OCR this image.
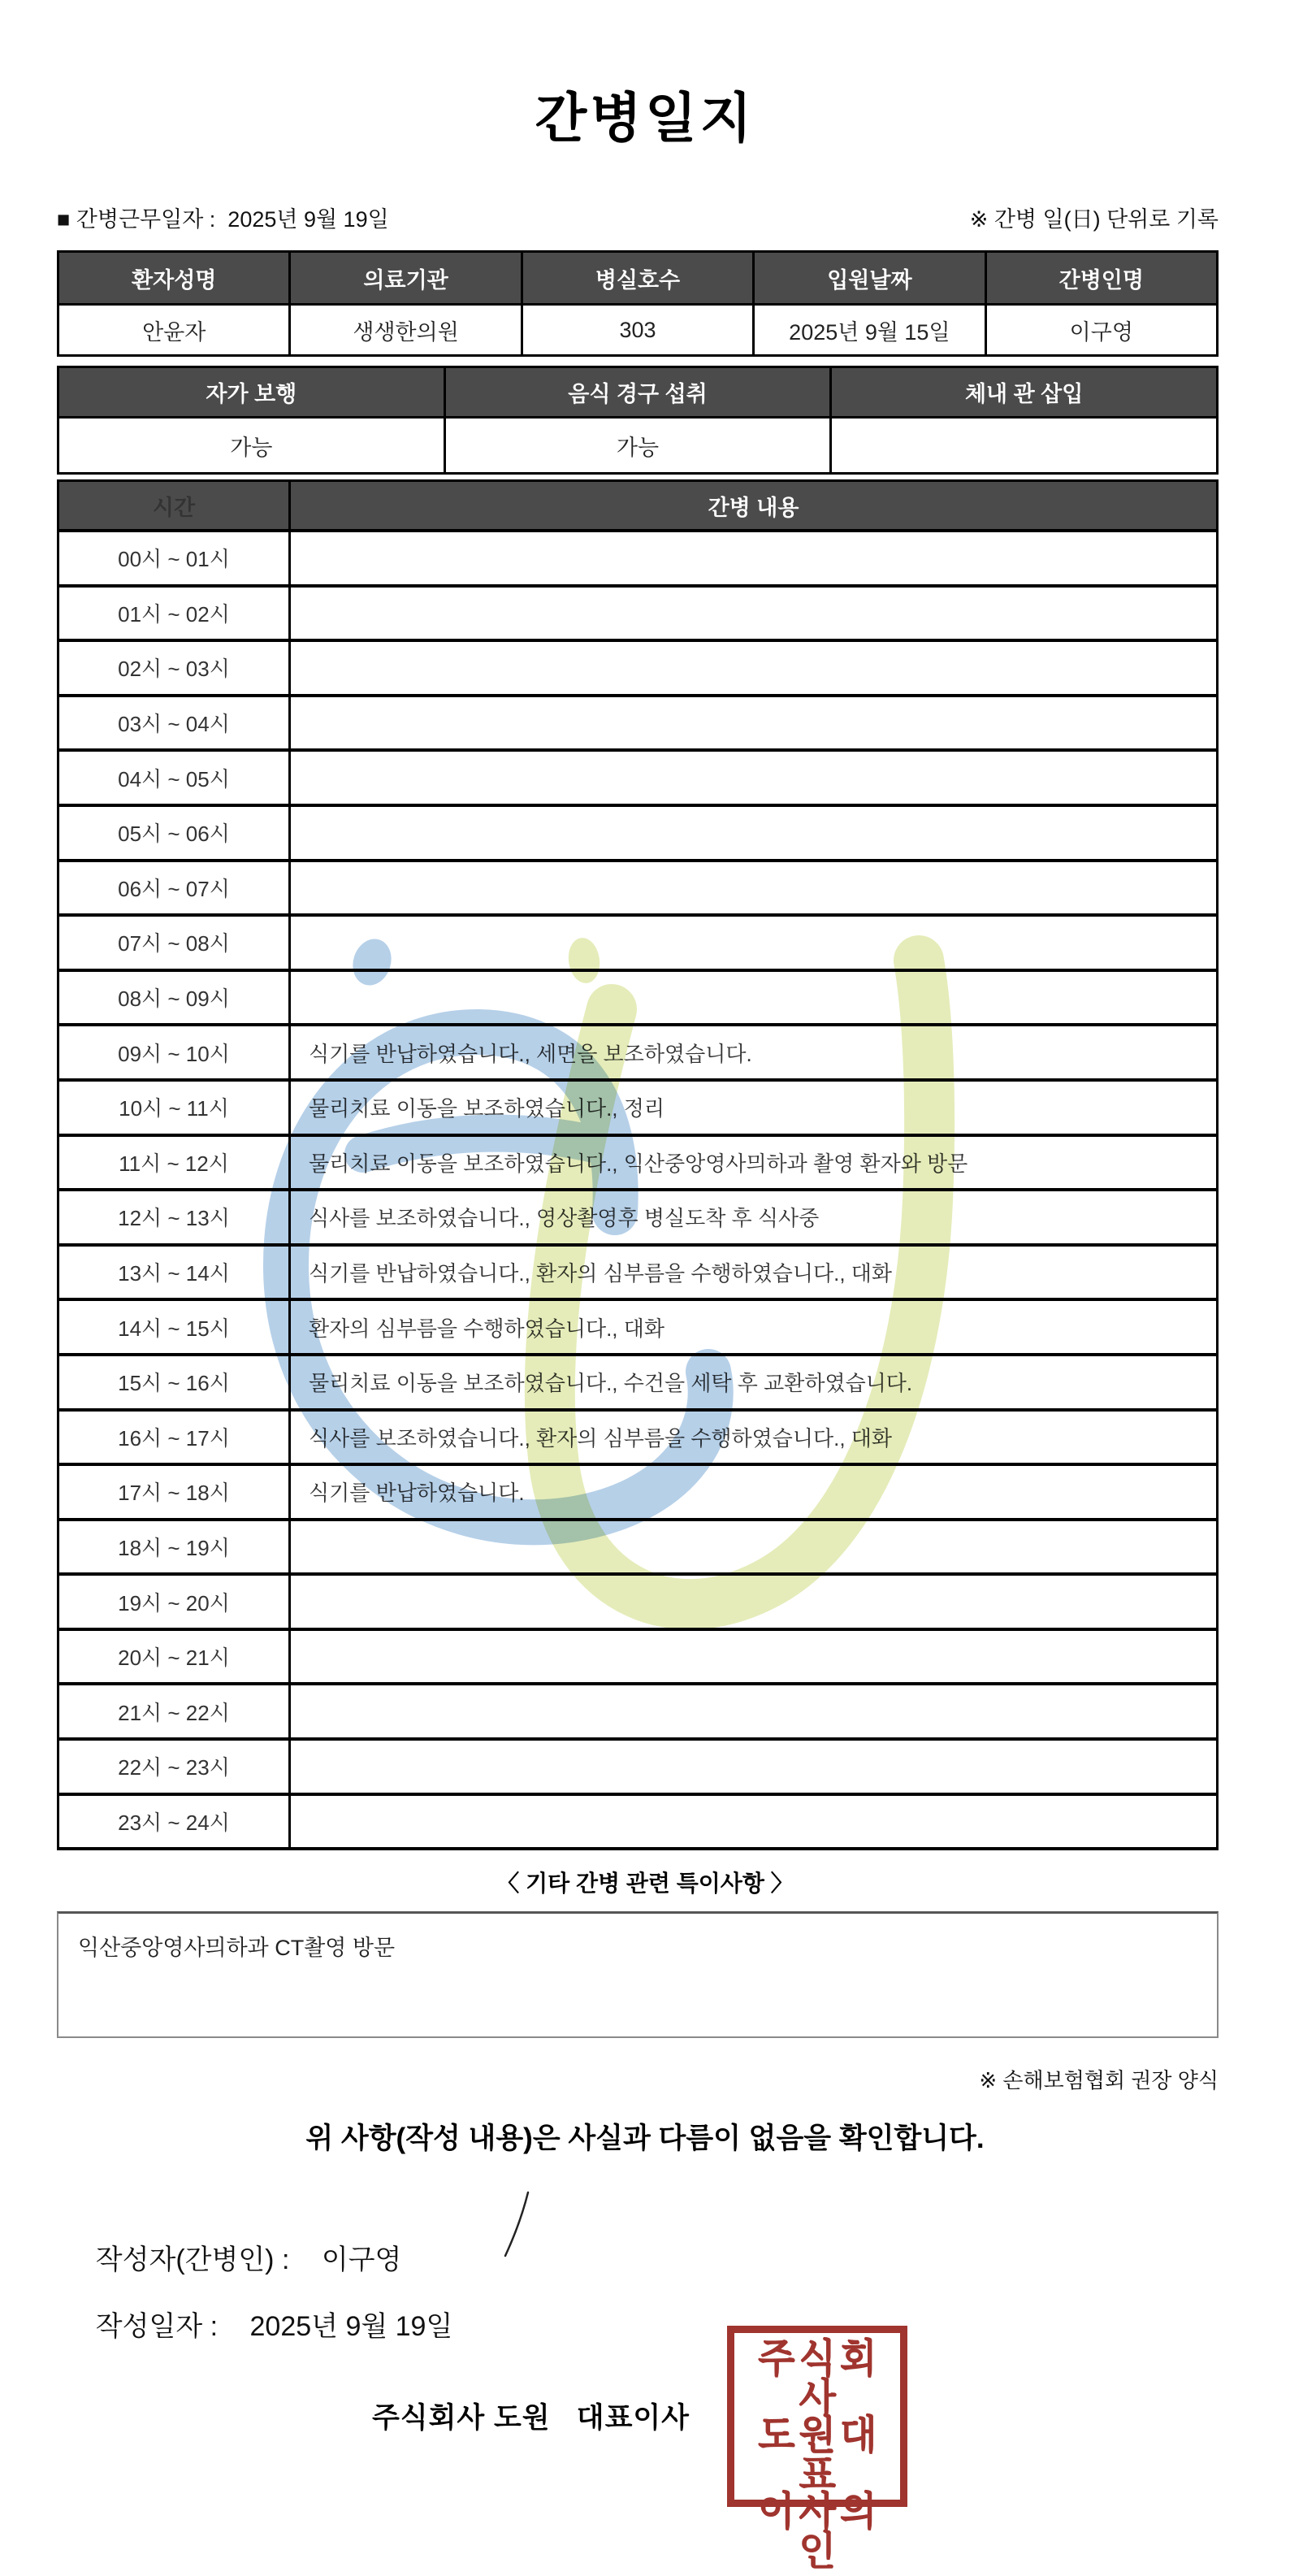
간병일지
■ 간병근무일자 :  2025년 9월 19일	※ 간병 일(日) 단위로 기록
환자성명	의료기관	병실호수	입원날짜	간병인명
안윤자	생생한의원	303	2025년 9월 15일	이구영
자가 보행	음식 경구 섭취	체내 관 삽입
가능	가능	
시간	간병 내용
00시 ~ 01시	
01시 ~ 02시	
02시 ~ 03시	
03시 ~ 04시	
04시 ~ 05시	
05시 ~ 06시	
06시 ~ 07시	
07시 ~ 08시	
08시 ~ 09시	
09시 ~ 10시	식기를 반납하였습니다., 세면을 보조하였습니다.
10시 ~ 11시	물리치료 이동을 보조하였습니다., 정리
11시 ~ 12시	물리치료 이동을 보조하였습니다., 익산중앙영사믜하과 촬영 환자와 방문
12시 ~ 13시	식사를 보조하였습니다., 영상촬영후 병실도착 후 식사중
13시 ~ 14시	식기를 반납하였습니다., 환자의 심부름을 수행하였습니다., 대화
14시 ~ 15시	환자의 심부름을 수행하였습니다., 대화
15시 ~ 16시	물리치료 이동을 보조하였습니다., 수건을 세탁 후 교환하였습니다.
16시 ~ 17시	식사를 보조하였습니다., 환자의 심부름을 수행하였습니다., 대화
17시 ~ 18시	식기를 반납하였습니다.
18시 ~ 19시	
19시 ~ 20시	
20시 ~ 21시	
21시 ~ 22시	
22시 ~ 23시	
23시 ~ 24시	
〈 기타 간병 관련 특이사항 〉
익산중앙영사믜하과 CT촬영 방문
※ 손해보험협회 권장 양식
위 사항(작성 내용)은 사실과 다름이 없음을 확인합니다.

작성자(간병인) : 이구영

작성일자 : 2025년 9월 19일

주식회사 도원   대표이사
주식회사
도원대표
이사의인
